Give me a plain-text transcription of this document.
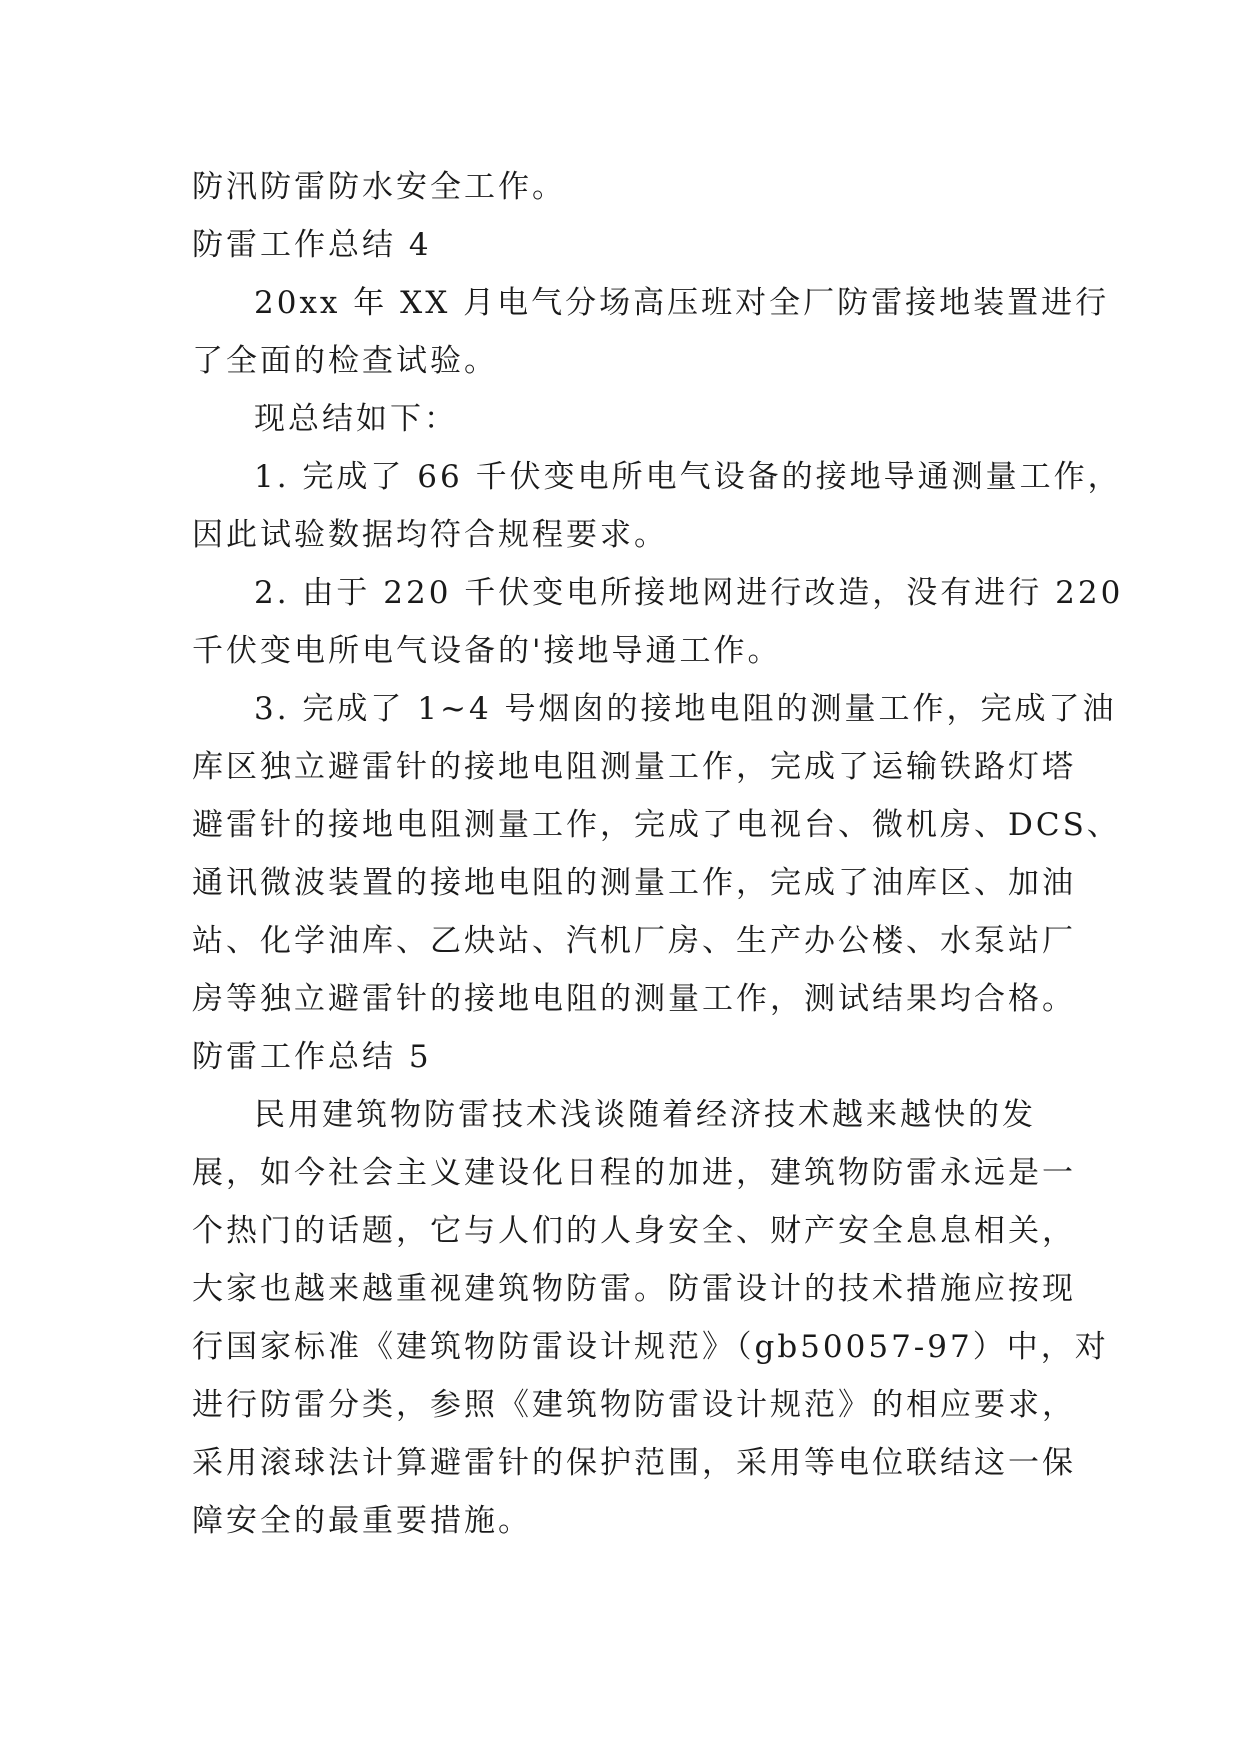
防汛防雷防水安全工作。
防雷工作总结 4
20xx 年 XX 月电气分场高压班对全厂防雷接地装置进行
了全面的检查试验。
现总结如下：
1. 完成了 66 千伏变电所电气设备的接地导通测量工作，
因此试验数据均符合规程要求。
2. 由于 220 千伏变电所接地网进行改造，没有进行 220
千伏变电所电气设备的'接地导通工作。
3. 完成了 1~4 号烟囱的接地电阻的测量工作，完成了油
库区独立避雷针的接地电阻测量工作，完成了运输铁路灯塔
避雷针的接地电阻测量工作，完成了电视台、微机房、DCS、
通讯微波装置的接地电阻的测量工作，完成了油库区、加油
站、化学油库、乙炔站、汽机厂房、生产办公楼、水泵站厂
房等独立避雷针的接地电阻的测量工作，测试结果均合格。
防雷工作总结 5
民用建筑物防雷技术浅谈随着经济技术越来越快的发
展，如今社会主义建设化日程的加进，建筑物防雷永远是一
个热门的话题，它与人们的人身安全、财产安全息息相关，
大家也越来越重视建筑物防雷。防雷设计的技术措施应按现
行国家标准《建筑物防雷设计规范》（gb50057-97）中，对
进行防雷分类，参照《建筑物防雷设计规范》的相应要求，
采用滚球法计算避雷针的保护范围，采用等电位联结这一保
障安全的最重要措施。
